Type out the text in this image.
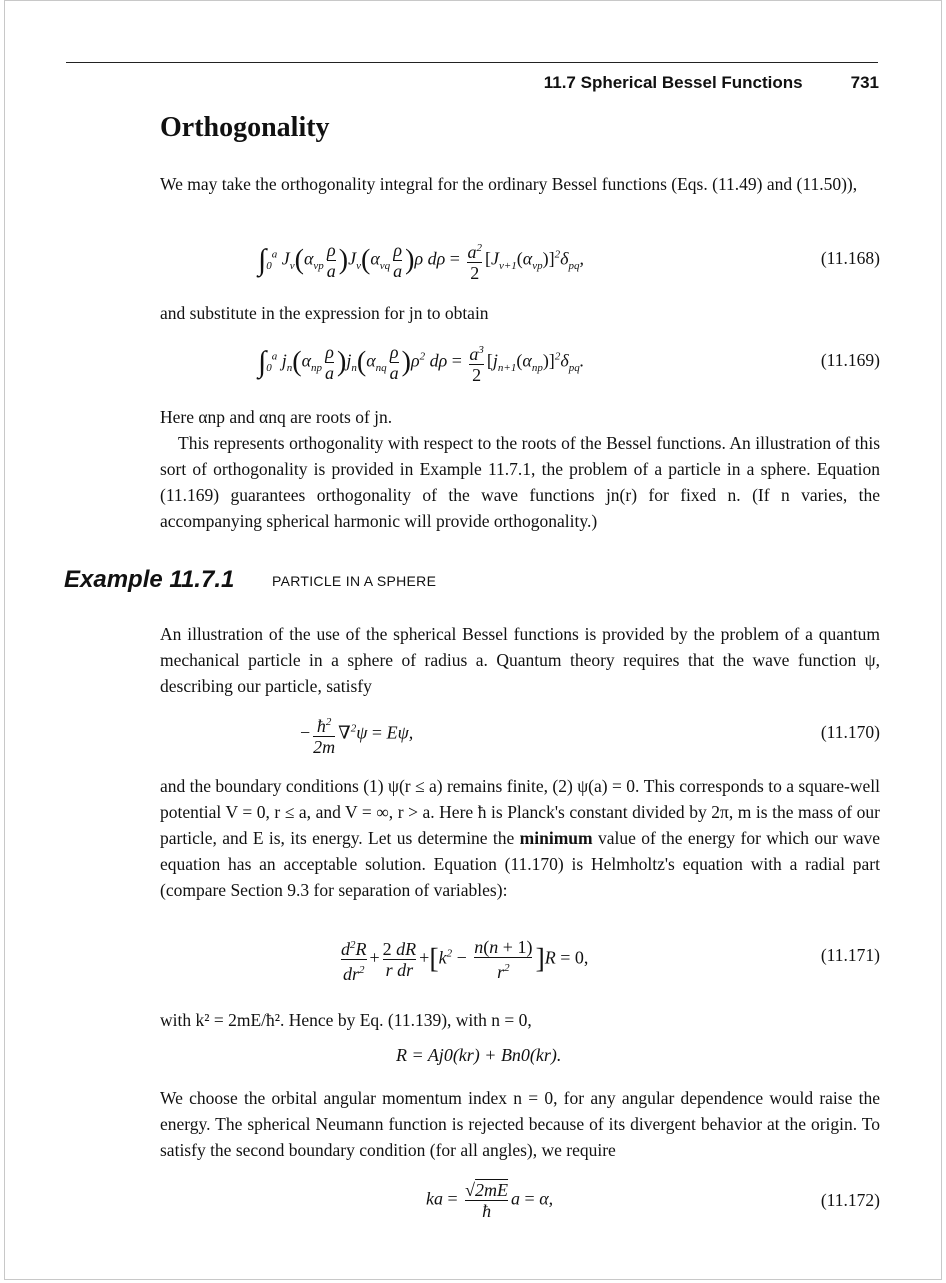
11.7 Spherical Bessel Functions	731
Orthogonality

We may take the orthogonality integral for the ordinary Bessel functions (Eqs. (11.49) and (11.50)),

$\int_0^a$ $J_\nu(\alpha_{\nu p} \frac{\rho}{a} )J_\nu(\alpha_{\nu q} \frac{\rho}{a} )\rho$ $d\rho = \frac{a^2}{2} [J_{\nu+1}(\alpha_{\nu p})]^2\delta_{pq}$,	(11.168)

and substitute in the expression for jn to obtain

$\int_0^a$ $j_n(\alpha_{np} \frac{\rho}{a} )j_n(\alpha_{nq} \frac{\rho}{a} )\rho^2$ $d\rho = \frac{a^3}{2} [j_{n+1}(\alpha_{np})]^2\delta_{pq}$.	(11.169)

Here αnp and αnq are roots of jn.

This represents orthogonality with respect to the roots of the Bessel functions. An illustration of this sort of orthogonality is provided in Example 11.7.1, the problem of a particle in a sphere. Equation (11.169) guarantees orthogonality of the wave functions jn(r) for fixed n. (If n varies, the accompanying spherical harmonic will provide orthogonality.)

Example 11.7.1	PARTICLE IN A SPHERE

An illustration of the use of the spherical Bessel functions is provided by the problem of a quantum mechanical particle in a sphere of radius a. Quantum theory requires that the wave function ψ, describing our particle, satisfy

− $\frac{ħ^2}{2m} \nabla^2\psi = E\psi$,	(11.170)

and the boundary conditions (1) ψ(r ≤ a) remains finite, (2) ψ(a) = 0. This corresponds to a square-well potential V = 0, r ≤ a, and V = ∞, r > a. Here ħ is Planck's constant divided by 2π, m is the mass of our particle, and E is, its energy. Let us determine the minimum value of the energy for which our wave equation has an acceptable solution. Equation (11.170) is Helmholtz's equation with a radial part (compare Section 9.3 for separation of variables):

$\frac{d^2R}{dr^2} + \frac{2 dR}{\text{r dr}} +[k^2 - \frac{n(n + 1)}{r^2} ]R = 0$,	(11.171)

with k² = 2mE/ħ². Hence by Eq. (11.139), with n = 0,

R = Aj0(kr) + Bn0(kr).

We choose the orbital angular momentum index n = 0, for any angular dependence would raise the energy. The spherical Neumann function is rejected because of its divergent behavior at the origin. To satisfy the second boundary condition (for all angles), we require

ka = $\frac{√2mE}{ħ}$ a = α,	(11.172)
